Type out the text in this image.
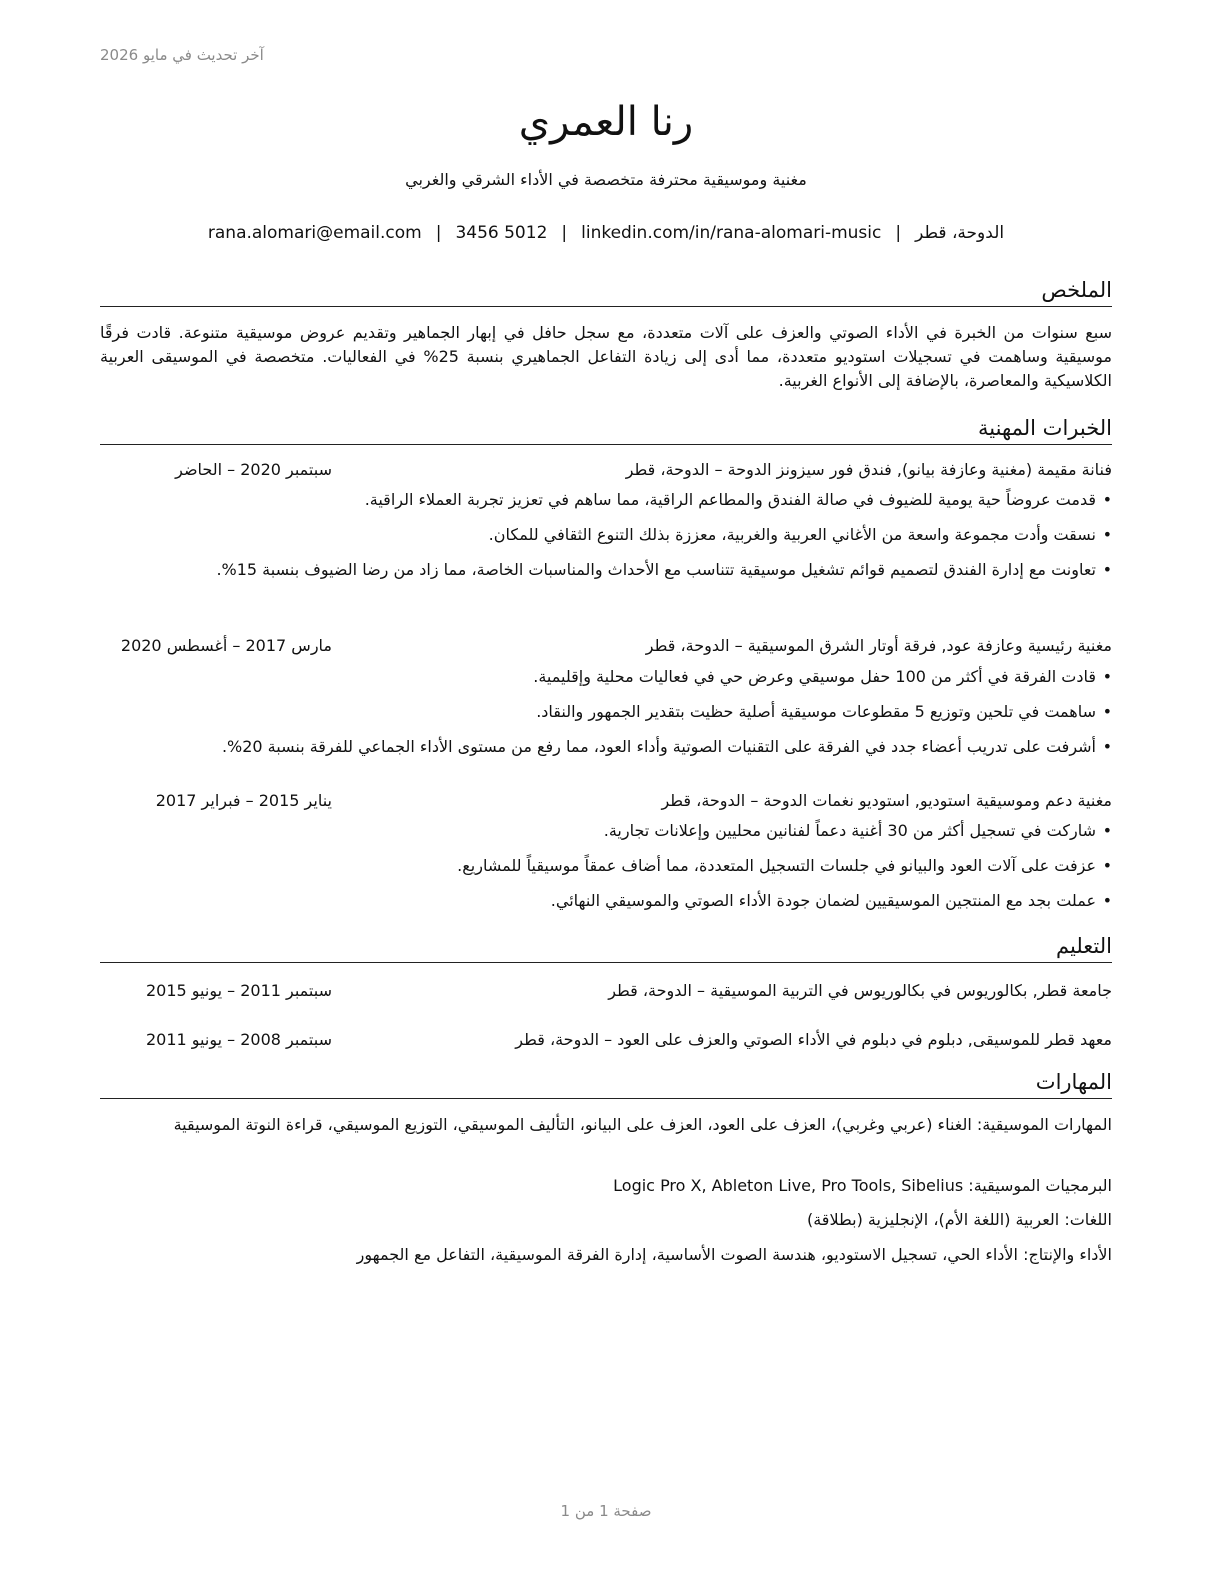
آخر تحديث في مايو 2026
رنا العمري
مغنية وموسيقية محترفة متخصصة في الأداء الشرقي والغربي
الدوحة، قطر|rana.alomari@email.com | 3456 5012 | linkedin.com/in/rana-alomari-music
الملخص
سبع سنوات من الخبرة في الأداء الصوتي والعزف على آلات متعددة، مع سجل حافل في إبهار الجماهير وتقديم عروض موسيقية متنوعة. قادت فرقًا موسيقية وساهمت في تسجيلات استوديو متعددة، مما أدى إلى زيادة التفاعل الجماهيري بنسبة 25% في الفعاليات. متخصصة في الموسيقى العربية الكلاسيكية والمعاصرة، بالإضافة إلى الأنواع الغربية.
الخبرات المهنية
فنانة مقيمة (مغنية وعازفة بيانو), فندق فور سيزونز الدوحة – الدوحة، قطر
سبتمبر 2020 – الحاضر
•
قدمت عروضاً حية يومية للضيوف في صالة الفندق والمطاعم الراقية، مما ساهم في تعزيز تجربة العملاء الراقية.
•
نسقت وأدت مجموعة واسعة من الأغاني العربية والغربية، معززة بذلك التنوع الثقافي للمكان.
•
تعاونت مع إدارة الفندق لتصميم قوائم تشغيل موسيقية تتناسب مع الأحداث والمناسبات الخاصة، مما زاد من رضا الضيوف بنسبة 15%.
مغنية رئيسية وعازفة عود, فرقة أوتار الشرق الموسيقية – الدوحة، قطر
مارس 2017 – أغسطس 2020
•
قادت الفرقة في أكثر من 100 حفل موسيقي وعرض حي في فعاليات محلية وإقليمية.
•
ساهمت في تلحين وتوزيع 5 مقطوعات موسيقية أصلية حظيت بتقدير الجمهور والنقاد.
•
أشرفت على تدريب أعضاء جدد في الفرقة على التقنيات الصوتية وأداء العود، مما رفع من مستوى الأداء الجماعي للفرقة بنسبة 20%.
مغنية دعم وموسيقية استوديو, استوديو نغمات الدوحة – الدوحة، قطر
يناير 2015 – فبراير 2017
•
شاركت في تسجيل أكثر من 30 أغنية دعماً لفنانين محليين وإعلانات تجارية.
•
عزفت على آلات العود والبيانو في جلسات التسجيل المتعددة، مما أضاف عمقاً موسيقياً للمشاريع.
•
عملت بجد مع المنتجين الموسيقيين لضمان جودة الأداء الصوتي والموسيقي النهائي.
التعليم
جامعة قطر, بكالوريوس في بكالوريوس في التربية الموسيقية – الدوحة، قطر
سبتمبر 2011 – يونيو 2015
معهد قطر للموسيقى, دبلوم في دبلوم في الأداء الصوتي والعزف على العود – الدوحة، قطر
سبتمبر 2008 – يونيو 2011
المهارات
المهارات الموسيقية: الغناء (عربي وغربي)، العزف على العود، العزف على البيانو، التأليف الموسيقي، التوزيع الموسيقي، قراءة النوتة الموسيقية
البرمجيات الموسيقية: Logic Pro X, Ableton Live, Pro Tools, Sibelius
اللغات: العربية (اللغة الأم)، الإنجليزية (بطلاقة)
الأداء والإنتاج: الأداء الحي، تسجيل الاستوديو، هندسة الصوت الأساسية، إدارة الفرقة الموسيقية، التفاعل مع الجمهور
صفحة 1 من 1
